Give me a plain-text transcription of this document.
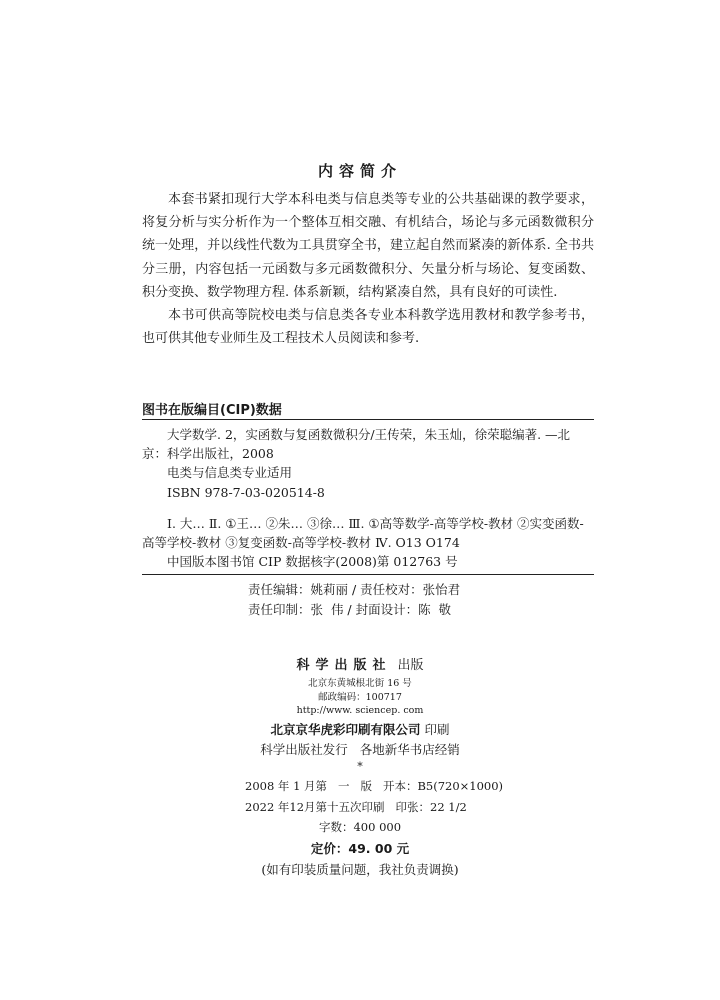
内容简介

本套书紧扣现行大学本科电类与信息类等专业的公共基础课的教学要求，将复分析与实分析作为一个整体互相交融、有机结合，场论与多元函数微积分统一处理，并以线性代数为工具贯穿全书，建立起自然而紧凑的新体系. 全书共分三册，内容包括一元函数与多元函数微积分、矢量分析与场论、复变函数、积分变换、数学物理方程. 体系新颖，结构紧凑自然，具有良好的可读性.

本书可供高等院校电类与信息类各专业本科教学选用教材和教学参考书，也可供其他专业师生及工程技术人员阅读和参考.

图书在版编目(CIP)数据
大学数学. 2，实函数与复函数微积分/王传荣，朱玉灿，徐荣聪编著. —北京：科学出版社，2008
电类与信息类专业适用
ISBN 978-7-03-020514-8
Ⅰ. 大… Ⅱ. ①王… ②朱… ③徐… Ⅲ. ①高等数学-高等学校-教材 ②实变函数-高等学校-教材 ③复变函数-高等学校-教材 Ⅳ. O13 O174
中国版本图书馆 CIP 数据核字(2008)第 012763 号
责任编辑：姚莉丽 / 责任校对：张怡君
责任印制：张  伟 / 封面设计：陈  敬
科学出版社 出版
北京东黄城根北街 16 号
邮政编码：100717
http://www. sciencep. com
北京京华虎彩印刷有限公司 印刷
科学出版社发行   各地新华书店经销
*
2008 年 1 月第   一   版   开本：B5(720×1000)
2022 年12月第十五次印刷   印张：22 1/2
字数：400 000
定价：49. 00 元
(如有印装质量问题，我社负责调换)
